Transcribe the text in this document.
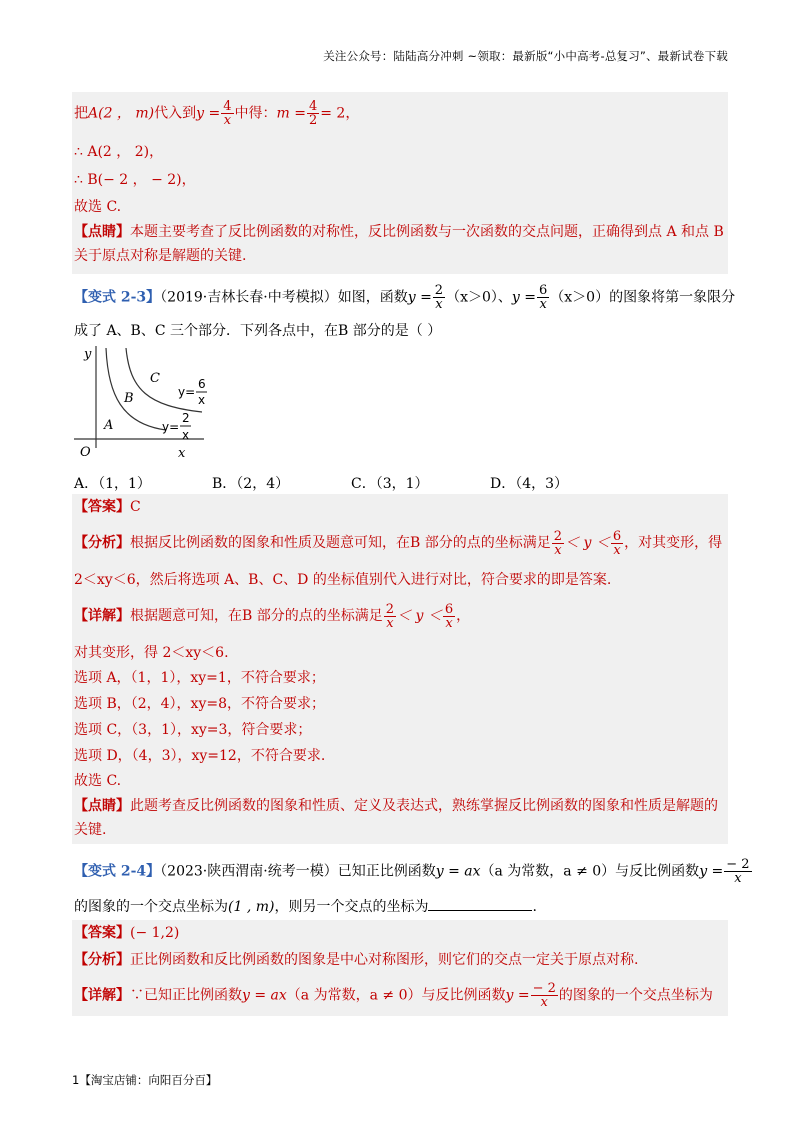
关注公众号：陆陆高分冲刺 ~领取：最新版“小中高考-总复习”、最新试卷下载
把A(2 ， m)代入到$y = \frac{4}{x}$ 中得：$m = \frac{4}{2} = 2$，
∴ A(2 ， 2)，
∴ B(− 2 ， − 2)，
故选 C.
【点睛】本题主要考查了反比例函数的对称性，反比例函数与一次函数的交点问题，正确得到点 A 和点 B
关于原点对称是解题的关键.
【变式 2-3】（2019·吉林长春·中考模拟）如图，函数$y = \frac{2}{x} (x>0)$、$y = \frac{6}{x} (x>0)$的图象将第一象限分
成了 A、B、C 三个部分．下列各点中，在B 部分的是（ ）
y
x
O
A
B
C
y=
6
x
y=
2
x
A．（1，1）	B．（2，4）	C．（3，1）	D．（4，3）
【答案】C
【分析】根据反比例函数的图象和性质及题意可知，在B 部分的点的坐标满足 $\frac{2}{x} < y < \frac{6}{x}$ ，对其变形，得
2＜xy＜6，然后将选项 A、B、C、D 的坐标值别代入进行对比，符合要求的即是答案.
【详解】根据题意可知，在B 部分的点的坐标满足 $\frac{2}{x} < y < \frac{6}{x}$ ，
对其变形，得 2＜xy＜6.
选项 A，（1，1），xy=1，不符合要求；
选项 B，（2，4），xy=8，不符合要求；
选项 C，（3，1），xy=3，符合要求；
选项 D，（4，3），xy=12，不符合要求.
故选 C.
【点睛】此题考查反比例函数的图象和性质、定义及表达式，熟练掌握反比例函数的图象和性质是解题的
关键.
【变式 2-4】（2023·陕西渭南·统考一模）已知正比例函数y = ax（a 为常数，a ≠ 0）与反比例函数$y = \frac{- 2}{x}$
的图象的一个交点坐标为(1 , m)，则另一个交点的坐标为	.
【答案】(− 1,2)
【分析】正比例函数和反比例函数的图象是中心对称图形，则它们的交点一定关于原点对称.
【详解】∵已知正比例函数y = ax（a 为常数，a ≠ 0）与反比例函数$y = \frac{- 2}{x}$ 的图象的一个交点坐标为
1【淘宝店铺：向阳百分百】
